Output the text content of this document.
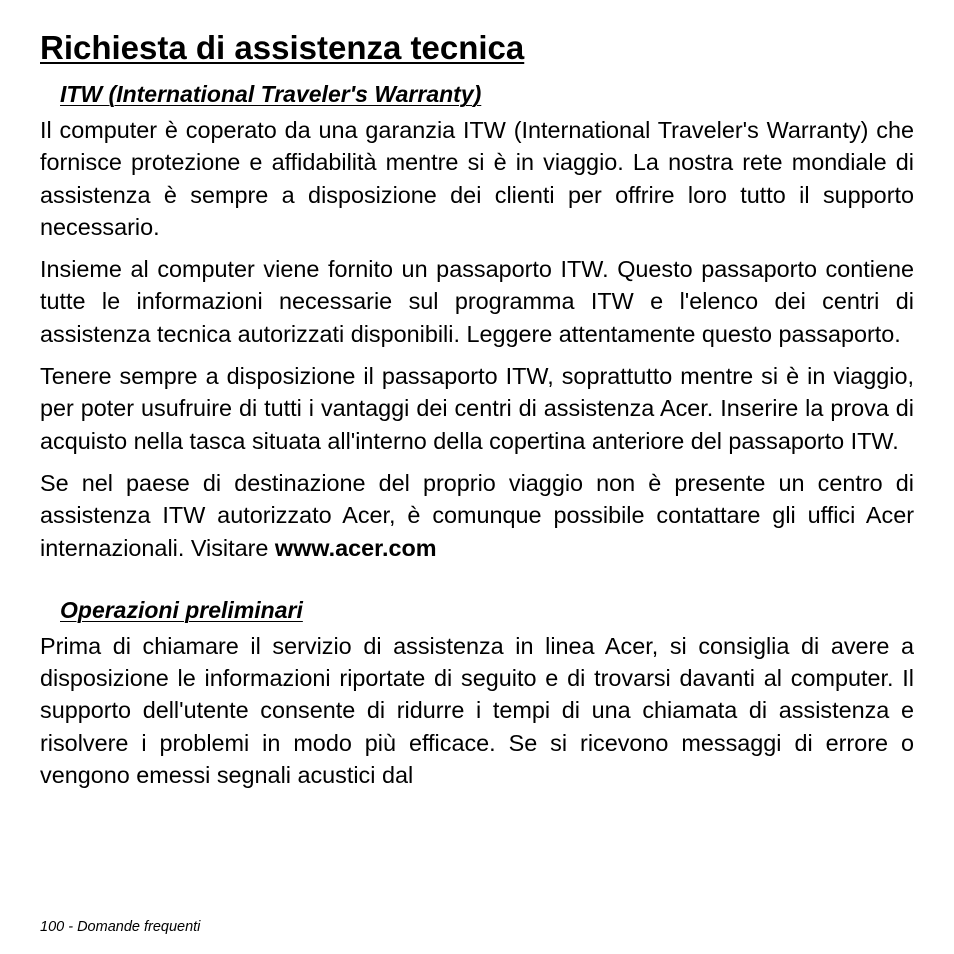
Richiesta di assistenza tecnica
ITW (International Traveler's Warranty)

Il computer è coperato da una garanzia ITW (International Traveler's Warranty) che fornisce protezione e affidabilità mentre si è in viaggio. La nostra rete mondiale di assistenza è sempre a disposizione dei clienti per offrire loro tutto il supporto necessario.

Insieme al computer viene fornito un passaporto ITW. Questo passaporto contiene tutte le informazioni necessarie sul programma ITW e l'elenco dei centri di assistenza tecnica autorizzati disponibili. Leggere attentamente questo passaporto.

Tenere sempre a disposizione il passaporto ITW, soprattutto mentre si è in viaggio, per poter usufruire di tutti i vantaggi dei centri di assistenza Acer. Inserire la prova di acquisto nella tasca situata all'interno della copertina anteriore del passaporto ITW.

Se nel paese di destinazione del proprio viaggio non è presente un centro di assistenza ITW autorizzato Acer, è comunque possibile contattare gli uffici Acer internazionali. Visitare www.acer.com

Operazioni preliminari

Prima di chiamare il servizio di assistenza in linea Acer, si consiglia di avere a disposizione le informazioni riportate di seguito e di trovarsi davanti al computer. Il supporto dell'utente consente di ridurre i tempi di una chiamata di assistenza e risolvere i problemi in modo più efficace. Se si ricevono messaggi di errore o vengono emessi segnali acustici dal

100 - Domande frequenti
